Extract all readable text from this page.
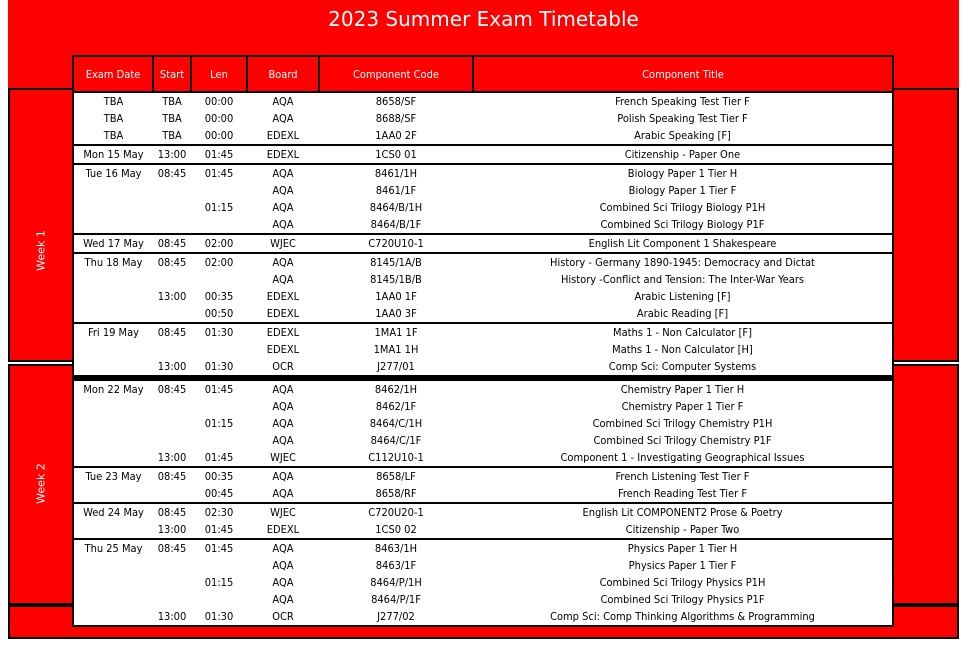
2023 Summer Exam Timetable
Week 1
Week 2
Exam Date	Start	Len	Board	Component Code	Component Title
TBA	TBA	00:00	AQA	8658/SF	French Speaking Test Tier F
TBA	TBA	00:00	AQA	8688/SF	Polish Speaking Test Tier F
TBA	TBA	00:00	EDEXL	1AA0 2F	Arabic Speaking [F]
Mon 15 May	13:00	01:45	EDEXL	1CS0 01	Citizenship - Paper One
Tue 16 May	08:45	01:45	AQA	8461/1H	Biology Paper 1 Tier H
			AQA	8461/1F	Biology Paper 1 Tier F
		01:15	AQA	8464/B/1H	Combined Sci Trilogy Biology P1H
			AQA	8464/B/1F	Combined Sci Trilogy Biology P1F
Wed 17 May	08:45	02:00	WJEC	C720U10-1	English Lit Component 1 Shakespeare
Thu 18 May	08:45	02:00	AQA	8145/1A/B	History - Germany 1890-1945: Democracy and Dictat
			AQA	8145/1B/B	History -Conflict and Tension: The Inter-War Years
	13:00	00:35	EDEXL	1AA0 1F	Arabic Listening [F]
		00:50	EDEXL	1AA0 3F	Arabic Reading [F]
Fri 19 May	08:45	01:30	EDEXL	1MA1 1F	Maths 1 - Non Calculator [F]
			EDEXL	1MA1 1H	Maths 1 - Non Calculator [H]
	13:00	01:30	OCR	J277/01	Comp Sci: Computer Systems
Mon 22 May	08:45	01:45	AQA	8462/1H	Chemistry Paper 1 Tier H
			AQA	8462/1F	Chemistry Paper 1 Tier F
		01:15	AQA	8464/C/1H	Combined Sci Trilogy Chemistry P1H
			AQA	8464/C/1F	Combined Sci Trilogy Chemistry P1F
	13:00	01:45	WJEC	C112U10-1	Component 1 - Investigating Geographical Issues
Tue 23 May	08:45	00:35	AQA	8658/LF	French Listening Test Tier F
		00:45	AQA	8658/RF	French Reading Test Tier F
Wed 24 May	08:45	02:30	WJEC	C720U20-1	English Lit COMPONENT2 Prose & Poetry
	13:00	01:45	EDEXL	1CS0 02	Citizenship - Paper Two
Thu 25 May	08:45	01:45	AQA	8463/1H	Physics Paper 1 Tier H
			AQA	8463/1F	Physics Paper 1 Tier F
		01:15	AQA	8464/P/1H	Combined Sci Trilogy Physics P1H
			AQA	8464/P/1F	Combined Sci Trilogy Physics P1F
	13:00	01:30	OCR	J277/02	Comp Sci: Comp Thinking Algorithms & Programming
